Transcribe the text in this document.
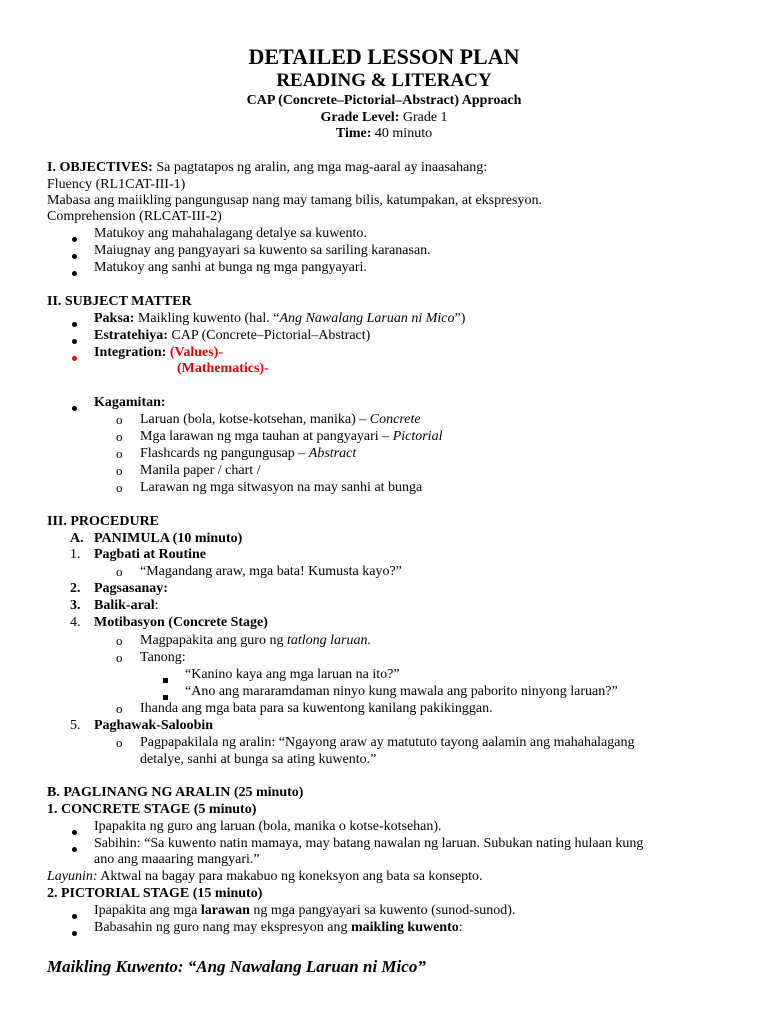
DETAILED LESSON PLAN
READING & LITERACY
CAP (Concrete–Pictorial–Abstract) Approach
Grade Level: Grade 1
Time: 40 minuto
I. OBJECTIVES: Sa pagtatapos ng aralin, ang mga mag-aaral ay inaasahang:
Fluency (RL1CAT-III-1)
Mabasa ang maiikling pangungusap nang may tamang bilis, katumpakan, at ekspresyon.
Comprehension (RLCAT-III-2)
Matukoy ang mahahalagang detalye sa kuwento.
Maiugnay ang pangyayari sa kuwento sa sariling karanasan.
Matukoy ang sanhi at bunga ng mga pangyayari.
II. SUBJECT MATTER
Paksa: Maikling kuwento (hal. “Ang Nawalang Laruan ni Mico”)
Estratehiya: CAP (Concrete–Pictorial–Abstract)
Integration: (Values)-
(Mathematics)-
Kagamitan:
o Laruan (bola, kotse-kotsehan, manika) – Concrete
o Mga larawan ng mga tauhan at pangyayari – Pictorial
o Flashcards ng pangungusap – Abstract
o Manila paper / chart /
o Larawan ng mga sitwasyon na may sanhi at bunga
III. PROCEDURE
A. PANIMULA (10 minuto)
1. Pagbati at Routine
o “Magandang araw, mga bata! Kumusta kayo?”
2. Pagsasanay:
3. Balik-aral:
4. Motibasyon (Concrete Stage)
o Magpapakita ang guro ng tatlong laruan.
o Tanong:
“Kanino kaya ang mga laruan na ito?”
“Ano ang mararamdaman ninyo kung mawala ang paborito ninyong laruan?”
o Ihanda ang mga bata para sa kuwentong kanilang pakikinggan.
5. Paghawak-Saloobin
o Pagpapakilala ng aralin: “Ngayong araw ay matututo tayong aalamin ang mahahalagang
detalye, sanhi at bunga sa ating kuwento.”
B. PAGLINANG NG ARALIN (25 minuto)
1. CONCRETE STAGE (5 minuto)
Ipapakita ng guro ang laruan (bola, manika o kotse-kotsehan).
Sabihin: “Sa kuwento natin mamaya, may batang nawalan ng laruan. Subukan nating hulaan kung
ano ang maaaring mangyari.”
Layunin: Aktwal na bagay para makabuo ng koneksyon ang bata sa konsepto.
2. PICTORIAL STAGE (15 minuto)
Ipapakita ang mga larawan ng mga pangyayari sa kuwento (sunod-sunod).
Babasahin ng guro nang may ekspresyon ang maikling kuwento:
Maikling Kuwento: “Ang Nawalang Laruan ni Mico”
